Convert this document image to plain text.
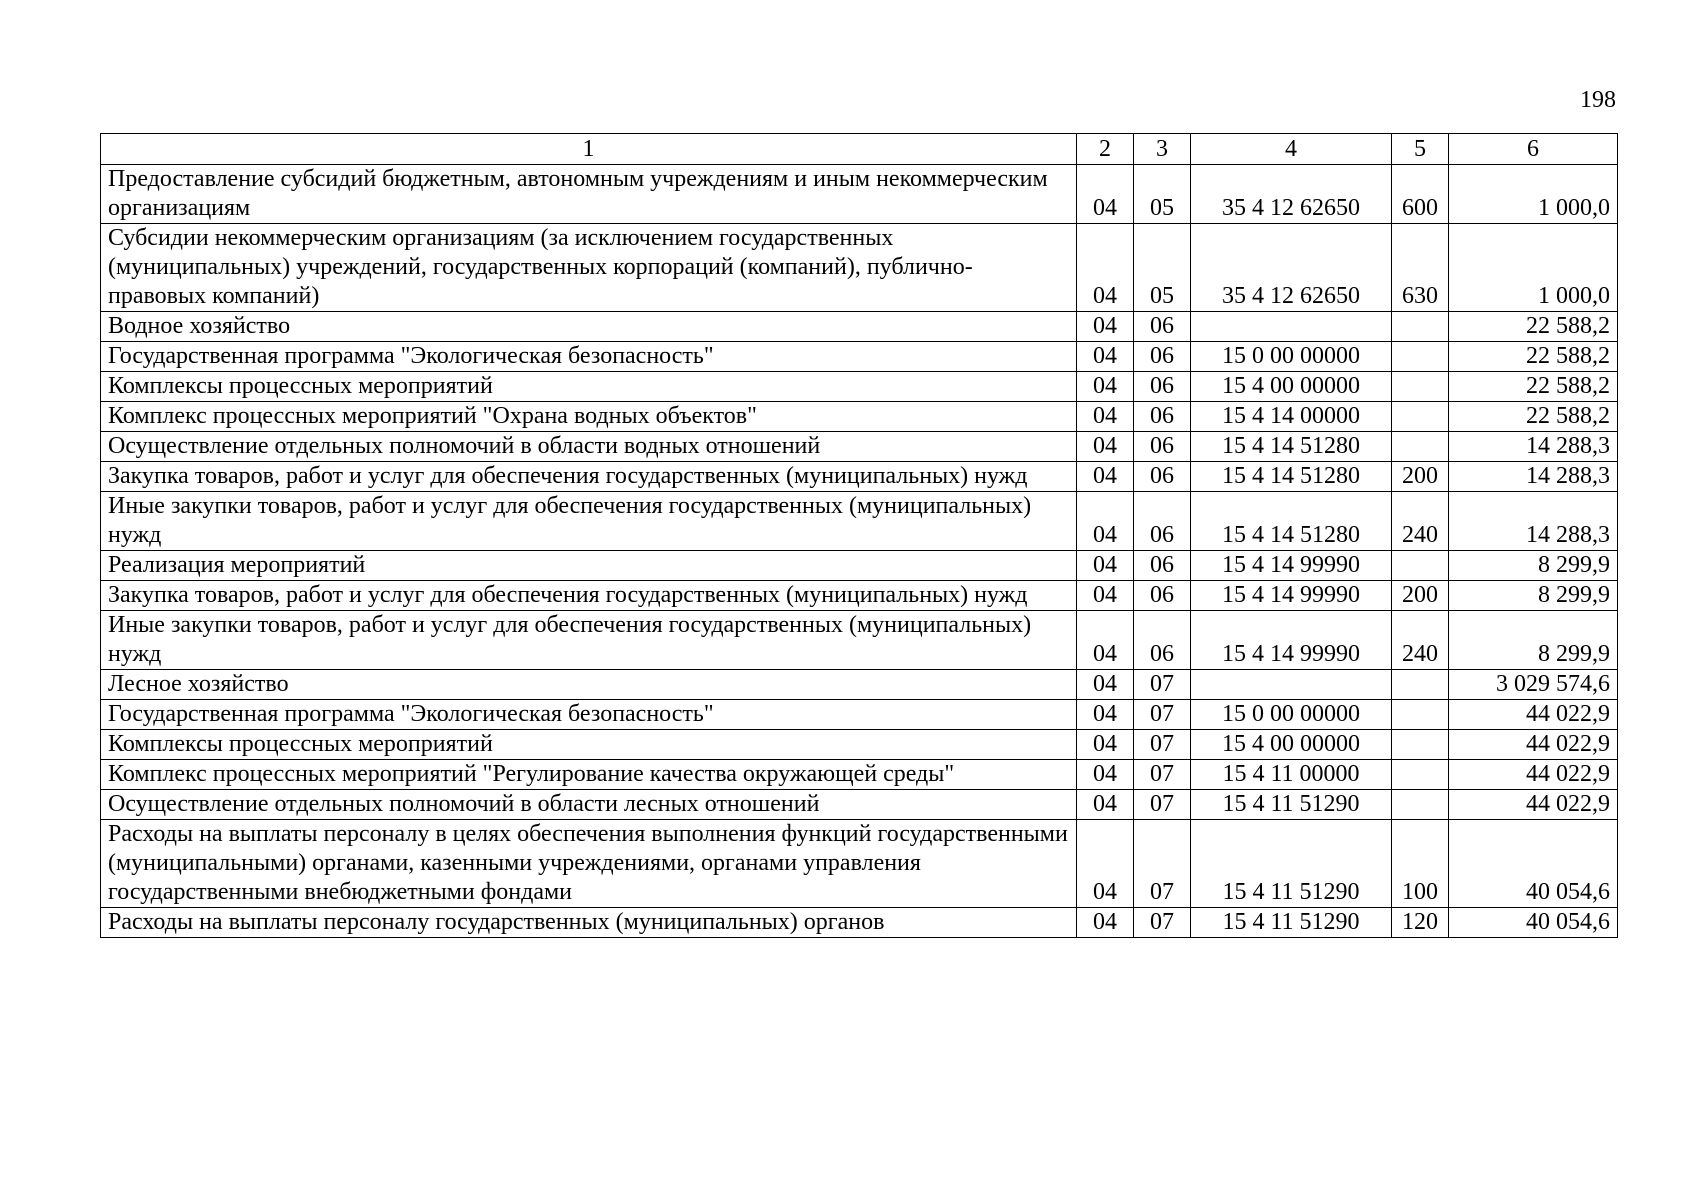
198
1	2	3	4	5	6
Предоставление субсидий бюджетным, автономным учреждениям и иным некоммерческим организациям	04	05	35 4 12 62650	600	1 000,0
Субсидии некоммерческим организациям (за исключением государственных (муниципальных) учреждений, государственных корпораций (компаний), публично-правовых компаний)	04	05	35 4 12 62650	630	1 000,0
Водное хозяйство	04	06			22 588,2
Государственная программа "Экологическая безопасность"	04	06	15 0 00 00000		22 588,2
Комплексы процессных мероприятий	04	06	15 4 00 00000		22 588,2
Комплекс процессных мероприятий "Охрана водных объектов"	04	06	15 4 14 00000		22 588,2
Осуществление отдельных полномочий в области водных отношений	04	06	15 4 14 51280		14 288,3
Закупка товаров, работ и услуг для обеспечения государственных (муниципальных) нужд	04	06	15 4 14 51280	200	14 288,3
Иные закупки товаров, работ и услуг для обеспечения государственных (муниципальных) нужд	04	06	15 4 14 51280	240	14 288,3
Реализация мероприятий	04	06	15 4 14 99990		8 299,9
Закупка товаров, работ и услуг для обеспечения государственных (муниципальных) нужд	04	06	15 4 14 99990	200	8 299,9
Иные закупки товаров, работ и услуг для обеспечения государственных (муниципальных) нужд	04	06	15 4 14 99990	240	8 299,9
Лесное хозяйство	04	07			3 029 574,6
Государственная программа "Экологическая безопасность"	04	07	15 0 00 00000		44 022,9
Комплексы процессных мероприятий	04	07	15 4 00 00000		44 022,9
Комплекс процессных мероприятий "Регулирование качества окружающей среды"	04	07	15 4 11 00000		44 022,9
Осуществление отдельных полномочий в области лесных отношений	04	07	15 4 11 51290		44 022,9
Расходы на выплаты персоналу в целях обеспечения выполнения функций государственными (муниципальными) органами, казенными учреждениями, органами управления государственными внебюджетными фондами	04	07	15 4 11 51290	100	40 054,6
Расходы на выплаты персоналу государственных (муниципальных) органов	04	07	15 4 11 51290	120	40 054,6
